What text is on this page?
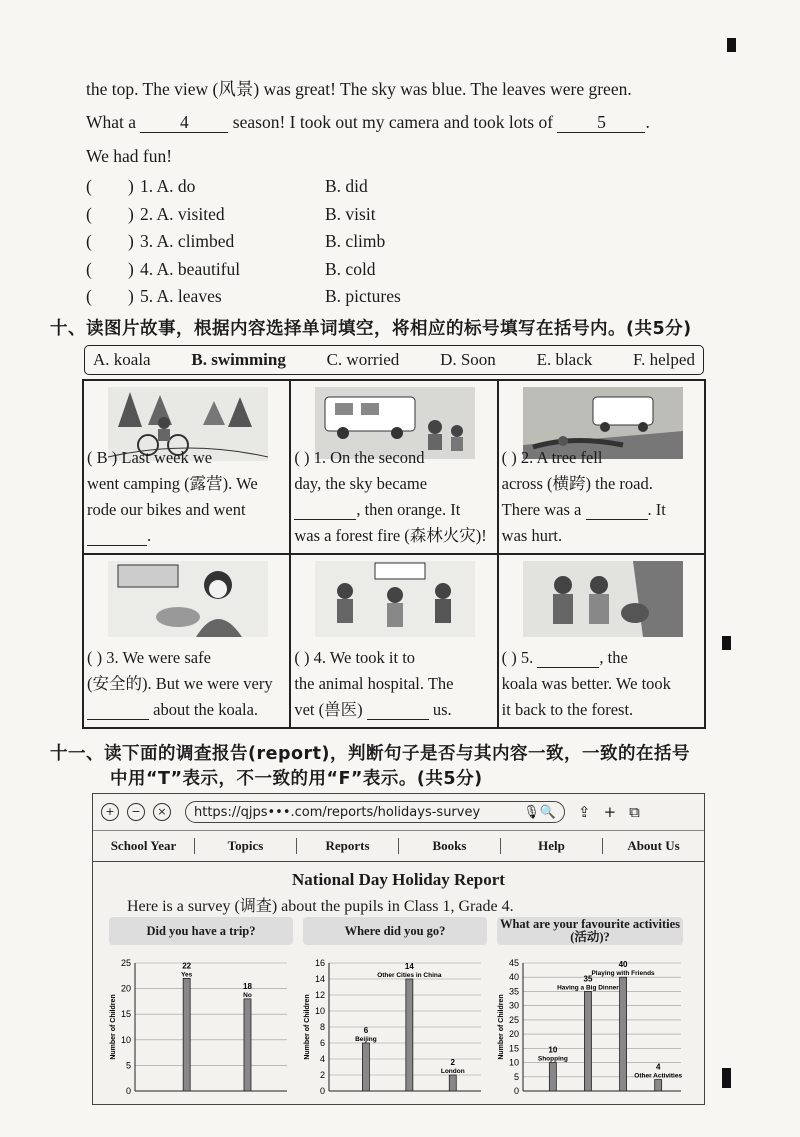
the top. The view (风景) was great! The sky was blue. The leaves were green.
What a	4	season! I took out my camera and took lots of	5 .
We had fun!
( ) 1. A. do	B. did
( ) 2. A. visited	B. visit
( ) 3. A. climbed	B. climb
( ) 4. A. beautiful	B. cold
( ) 5. A. leaves	B. pictures
十、读图片故事，根据内容选择单词填空，将相应的标号填写在括号内。(共5分)
A. koala B. swimming C. worried D. Soon E. black F. helped
( B ) Last week we
went camping (露营). We
rode our bikes and went
.
( ) 1. On the second
day, the sky became
, then orange. It
was a forest fire (森林火灾)!
( ) 2. A tree fell
across (横跨) the road.
There was a	. It
was hurt.
( ) 3. We were safe
(安全的). But we were very
about the koala.
( ) 4. We took it to
the animal hospital. The
vet (兽医)	us.
( ) 5.	, the
koala was better. We took
it back to the forest.
十一、读下面的调查报告(report)，判断句子是否与其内容一致，一致的在括号
中用“T”表示，不一致的用“F”表示。(共5分)
+	−	×	https://qjps•••.com/reports/holidays-survey	🎙🔍 ⇪ + ⧉
School Year	Topics	Reports	Books	Help	About Us
National Day Holiday Report
Here is a survey (调查) about the pupils in Class 1, Grade 4.
Did you have a trip?	Where did you go?	What are your favourite activities (活动)?
0
5
10
15
20
25
Number of Children
22
Yes
18
No
0
2
4
6
8
10
12
14
16
Number of Children	6
Beijing
14
Other Cities in China
2
London
0
5
10
15
20
25
30
35
40
45
Number of Children	10
Shopping
35
Having a Big Dinner
40
Playing with Friends
4
Other Activities
